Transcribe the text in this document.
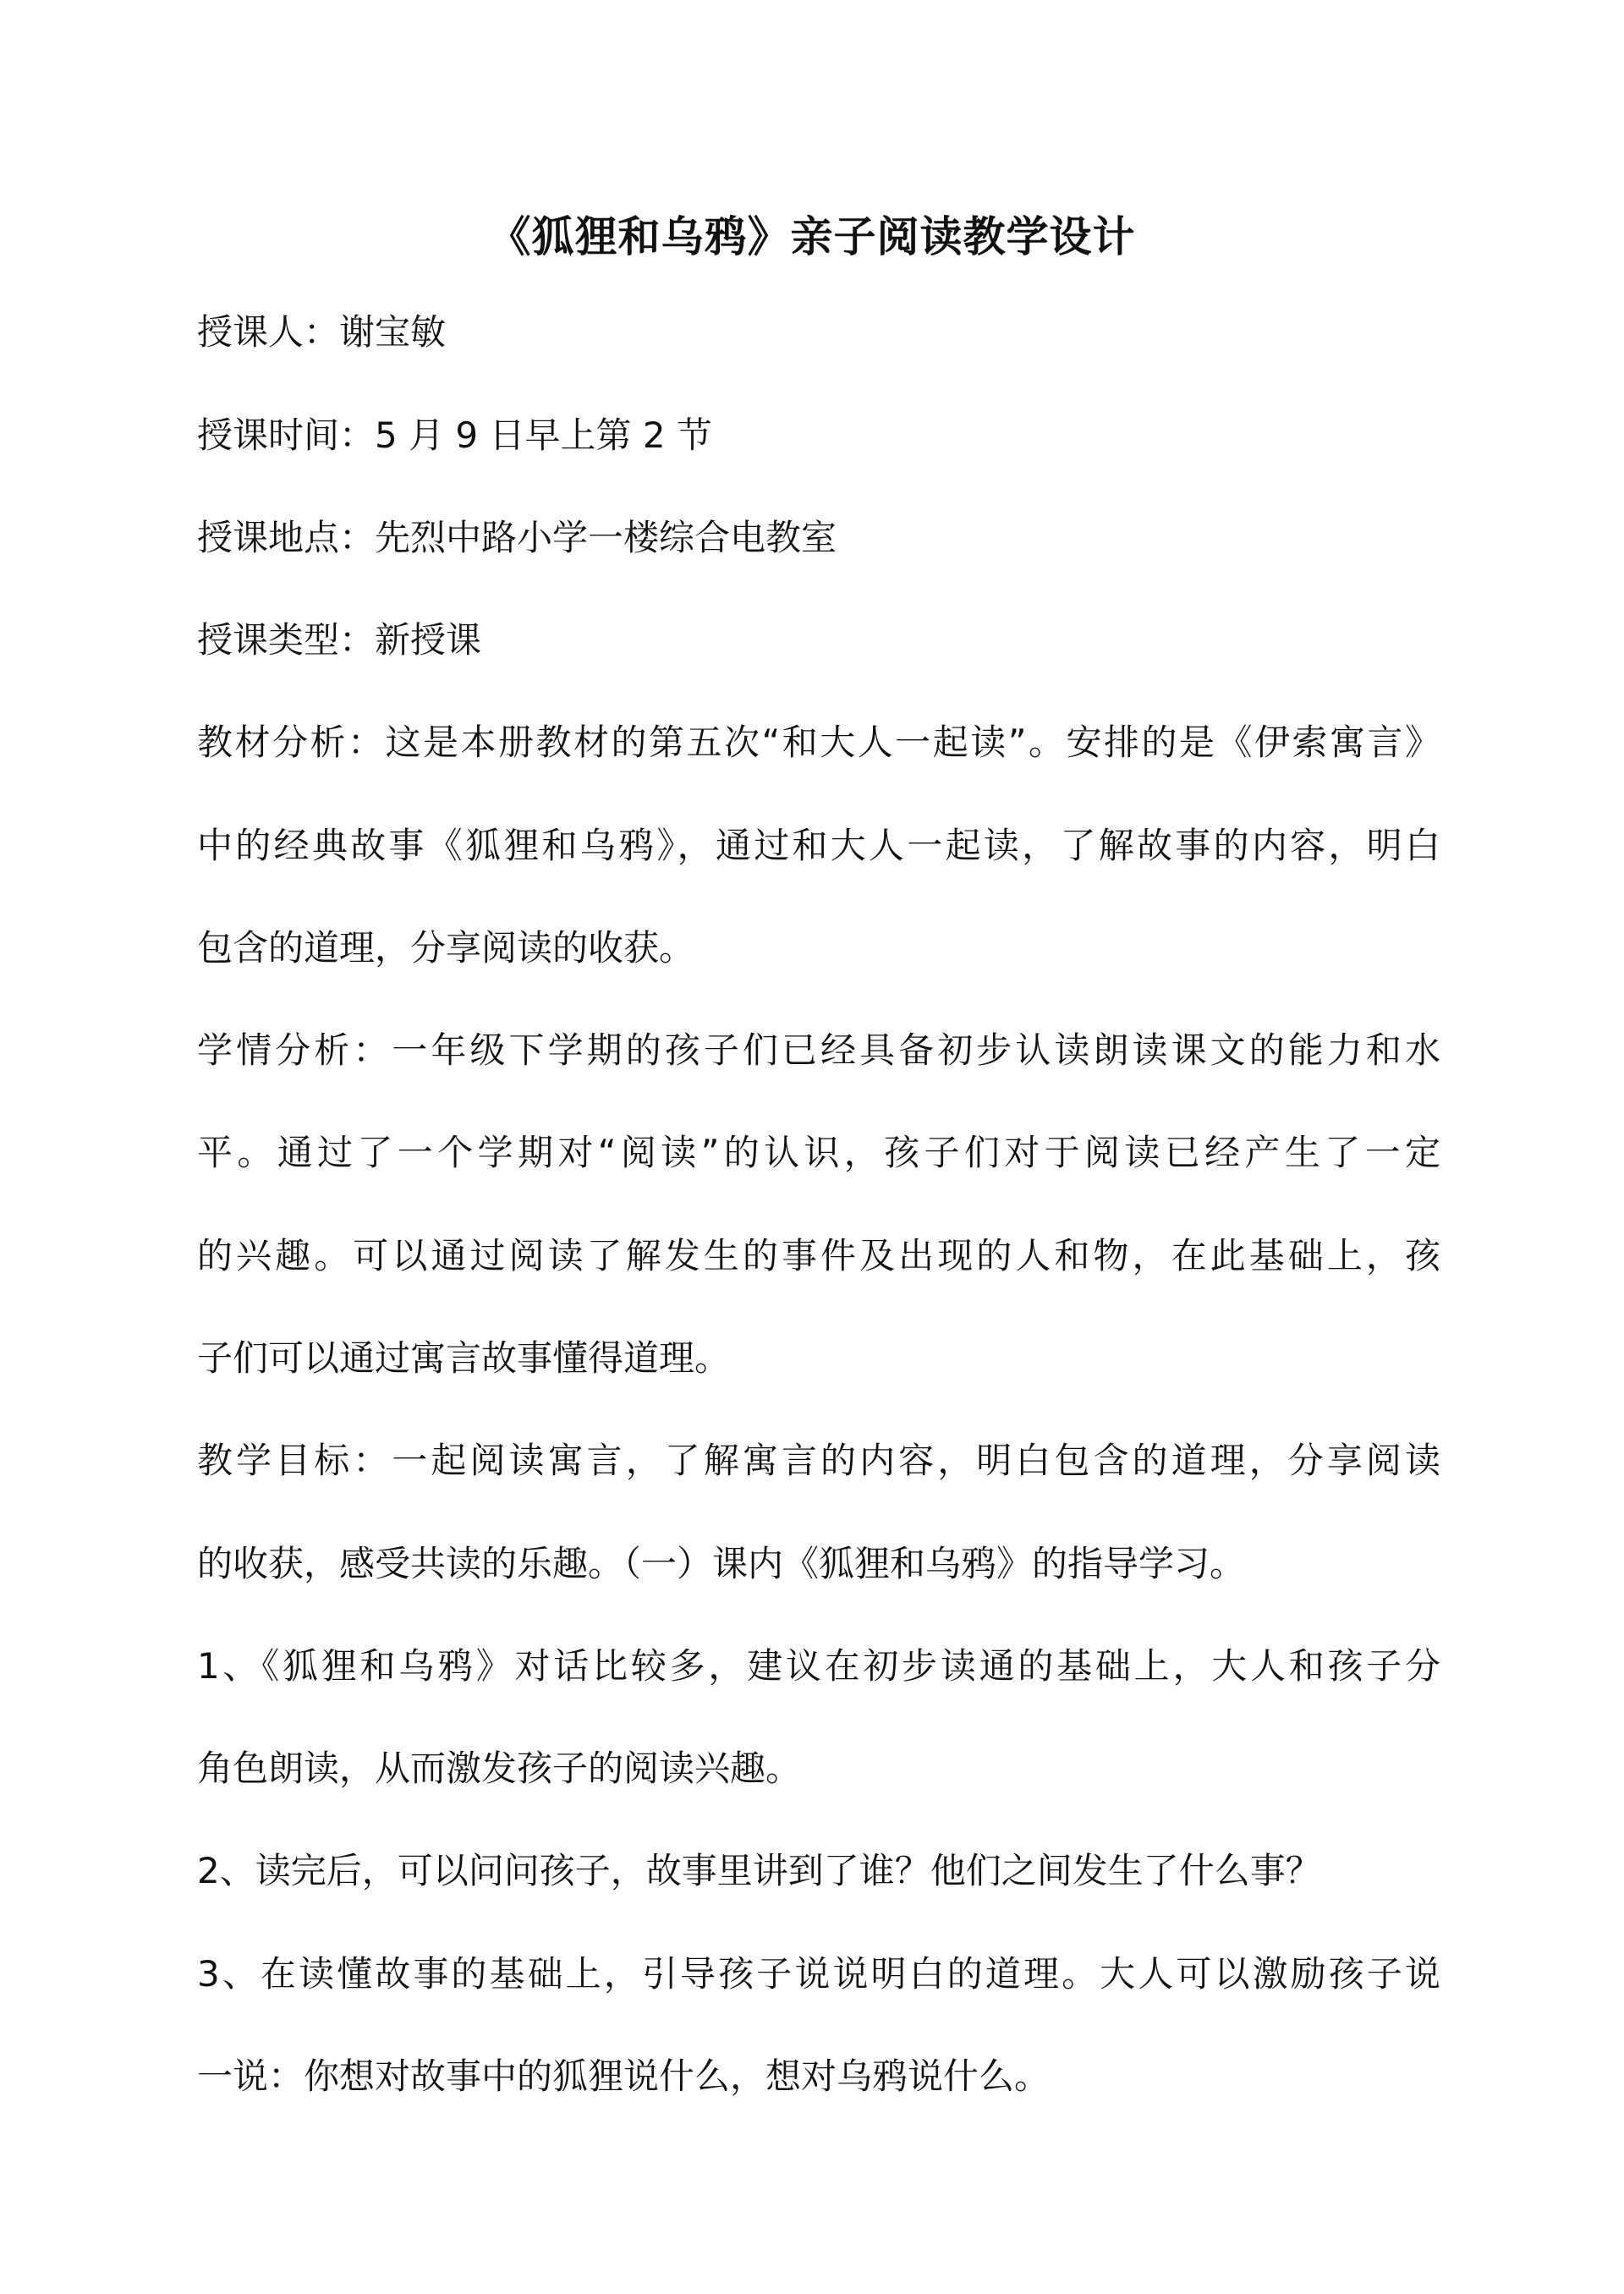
《狐狸和乌鸦》亲子阅读教学设计
授课人：谢宝敏
授课时间：5 月 9 日早上第 2 节
授课地点：先烈中路小学一楼综合电教室
授课类型：新授课
教材分析：这是本册教材的第五次“和大人一起读”。安排的是《伊索寓言》
中的经典故事《狐狸和乌鸦》，通过和大人一起读，了解故事的内容，明白
包含的道理，分享阅读的收获。
学情分析：一年级下学期的孩子们已经具备初步认读朗读课文的能力和水
平。通过了一个学期对“阅读”的认识，孩子们对于阅读已经产生了一定
的兴趣。可以通过阅读了解发生的事件及出现的人和物，在此基础上，孩
子们可以通过寓言故事懂得道理。
教学目标：一起阅读寓言，了解寓言的内容，明白包含的道理，分享阅读
的收获，感受共读的乐趣。（一）课内《狐狸和乌鸦》的指导学习。
1、《狐狸和乌鸦》对话比较多，建议在初步读通的基础上，大人和孩子分
角色朗读，从而激发孩子的阅读兴趣。
2、读完后，可以问问孩子，故事里讲到了谁？他们之间发生了什么事？
3、在读懂故事的基础上，引导孩子说说明白的道理。大人可以激励孩子说
一说：你想对故事中的狐狸说什么，想对乌鸦说什么。
